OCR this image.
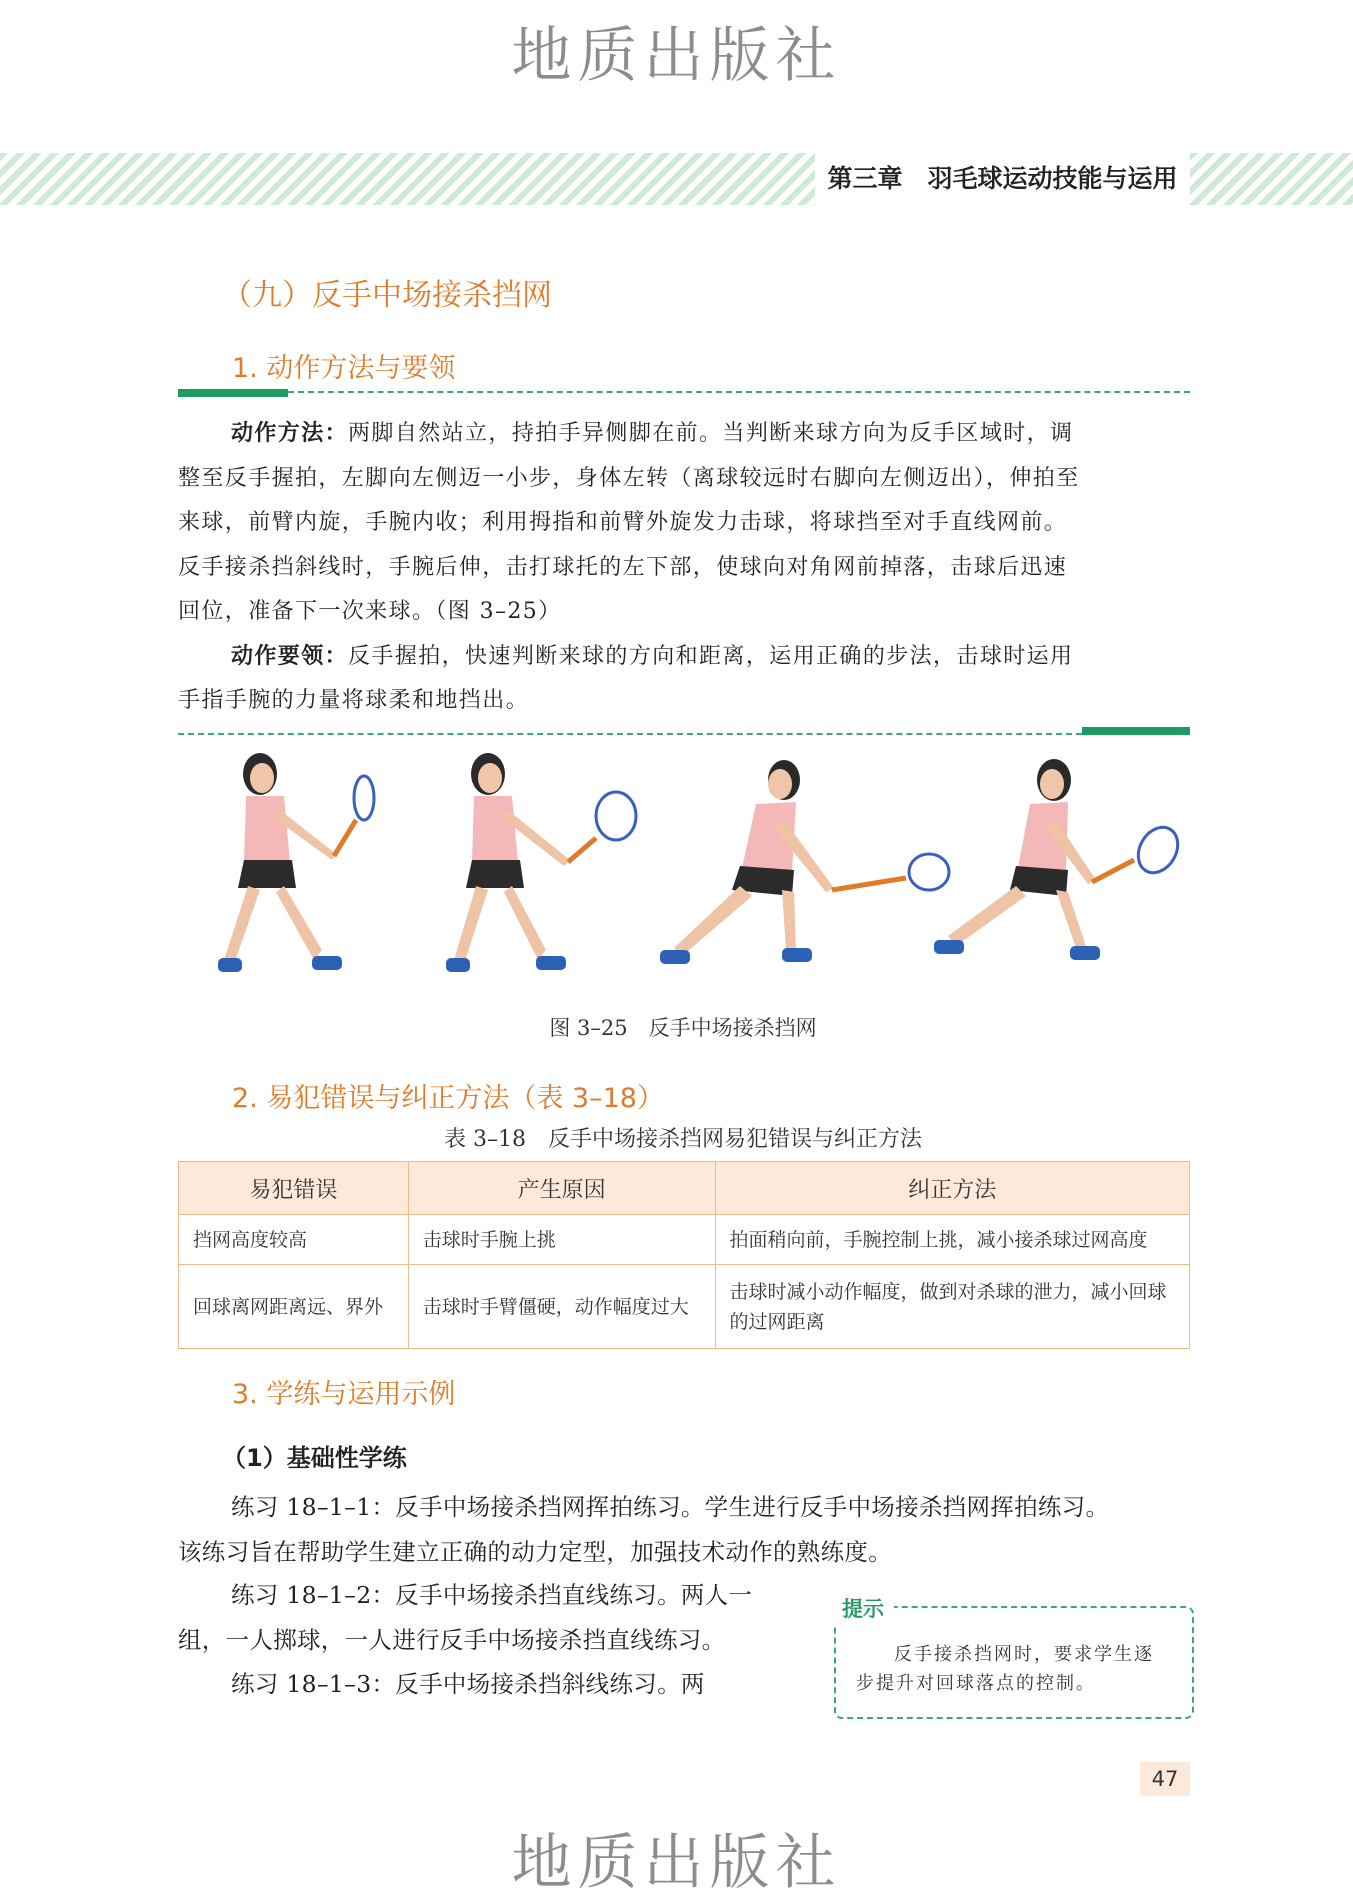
地质出版社
地质出版社
第三章　羽毛球运动技能与运用
（九）反手中场接杀挡网
1. 动作方法与要领
动作方法：两脚自然站立，持拍手异侧脚在前。当判断来球方向为反手区域时，调
整至反手握拍，左脚向左侧迈一小步，身体左转（离球较远时右脚向左侧迈出），伸拍至
来球，前臂内旋，手腕内收；利用拇指和前臂外旋发力击球，将球挡至对手直线网前。
反手接杀挡斜线时，手腕后伸，击打球托的左下部，使球向对角网前掉落，击球后迅速
回位，准备下一次来球。（图 3–25）
动作要领：反手握拍，快速判断来球的方向和距离，运用正确的步法，击球时运用
手指手腕的力量将球柔和地挡出。
图 3–25　反手中场接杀挡网
2. 易犯错误与纠正方法（表 3–18）
表 3–18　反手中场接杀挡网易犯错误与纠正方法
易犯错误	产生原因	纠正方法
挡网高度较高	击球时手腕上挑	拍面稍向前，手腕控制上挑，减小接杀球过网高度
回球离网距离远、界外	击球时手臂僵硬，动作幅度过大	击球时减小动作幅度，做到对杀球的泄力，减小回球的过网距离
3. 学练与运用示例
（1）基础性学练
练习 18–1–1：反手中场接杀挡网挥拍练习。学生进行反手中场接杀挡网挥拍练习。
该练习旨在帮助学生建立正确的动力定型，加强技术动作的熟练度。
练习 18–1–2：反手中场接杀挡直线练习。两人一
组，一人掷球，一人进行反手中场接杀挡直线练习。
练习 18–1–3：反手中场接杀挡斜线练习。两
反手接杀挡网时，要求学生逐
步提升对回球落点的控制。
提示
47
